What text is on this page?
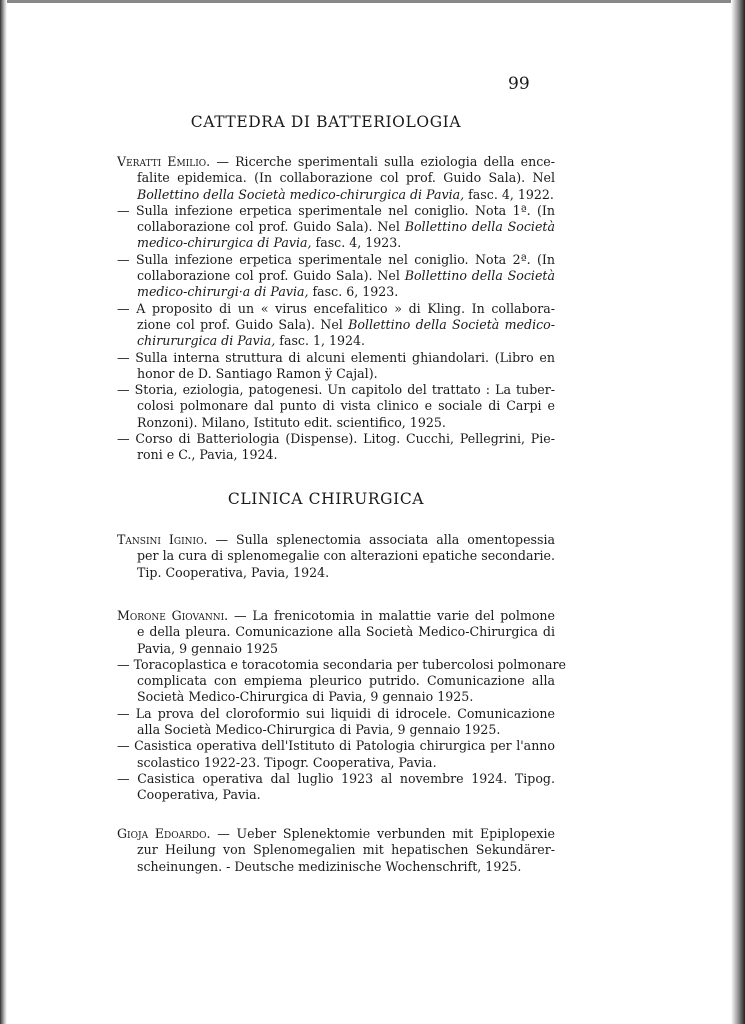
99
CATTEDRA DI BATTERIOLOGIA
Veratti Emilio. — Ricerche sperimentali sulla eziologia della ence-
falite epidemica. (In collaborazione col prof. Guido Sala). Nel
Bollettino della Società medico-chirurgica di Pavia, fasc. 4, 1922.
— Sulla infezione erpetica sperimentale nel coniglio. Nota 1ª. (In
collaborazione col prof. Guido Sala). Nel Bollettino della Società
medico-chirurgica di Pavia, fasc. 4, 1923.
— Sulla infezione erpetica sperimentale nel coniglio. Nota 2ª. (In
collaborazione col prof. Guido Sala). Nel Bollettino della Società
medico-chirurgi·a di Pavia, fasc. 6, 1923.
— A proposito di un « virus encefalitico » di Kling. In collabora-
zione col prof. Guido Sala). Nel Bollettino della Società medico-
chirururgica di Pavia, fasc. 1, 1924.
— Sulla interna struttura di alcuni elementi ghiandolari. (Libro en
honor de D. Santiago Ramon ÿ Cajal).
— Storia, eziologia, patogenesi. Un capitolo del trattato : La tuber-
colosi polmonare dal punto di vista clinico e sociale di Carpi e
Ronzoni). Milano, Istituto edit. scientifico, 1925.
— Corso di Batteriologia (Dispense). Litog. Cucchi, Pellegrini, Pie-
roni e C., Pavia, 1924.
CLINICA CHIRURGICA
Tansini Iginio. — Sulla splenectomia associata alla omentopessia
per la cura di splenomegalie con alterazioni epatiche secondarie.
Tip. Cooperativa, Pavia, 1924.
Morone Giovanni. — La frenicotomia in malattie varie del polmone
e della pleura. Comunicazione alla Società Medico-Chirurgica di
Pavia, 9 gennaio 1925
— Toracoplastica e toracotomia secondaria per tubercolosi polmonare
complicata con empiema pleurico putrido. Comunicazione alla
Società Medico-Chirurgica di Pavia, 9 gennaio 1925.
— La prova del cloroformio sui liquidi di idrocele. Comunicazione
alla Società Medico-Chirurgica di Pavia, 9 gennaio 1925.
— Casistica operativa dell'Istituto di Patologia chirurgica per l'anno
scolastico 1922-23. Tipogr. Cooperativa, Pavia.
— Casistica operativa dal luglio 1923 al novembre 1924. Tipog.
Cooperativa, Pavia.
Gioja Edoardo. — Ueber Splenektomie verbunden mit Epiplopexie
zur Heilung von Splenomegalien mit hepatischen Sekundärer-
scheinungen. - Deutsche medizinische Wochenschrift, 1925.
